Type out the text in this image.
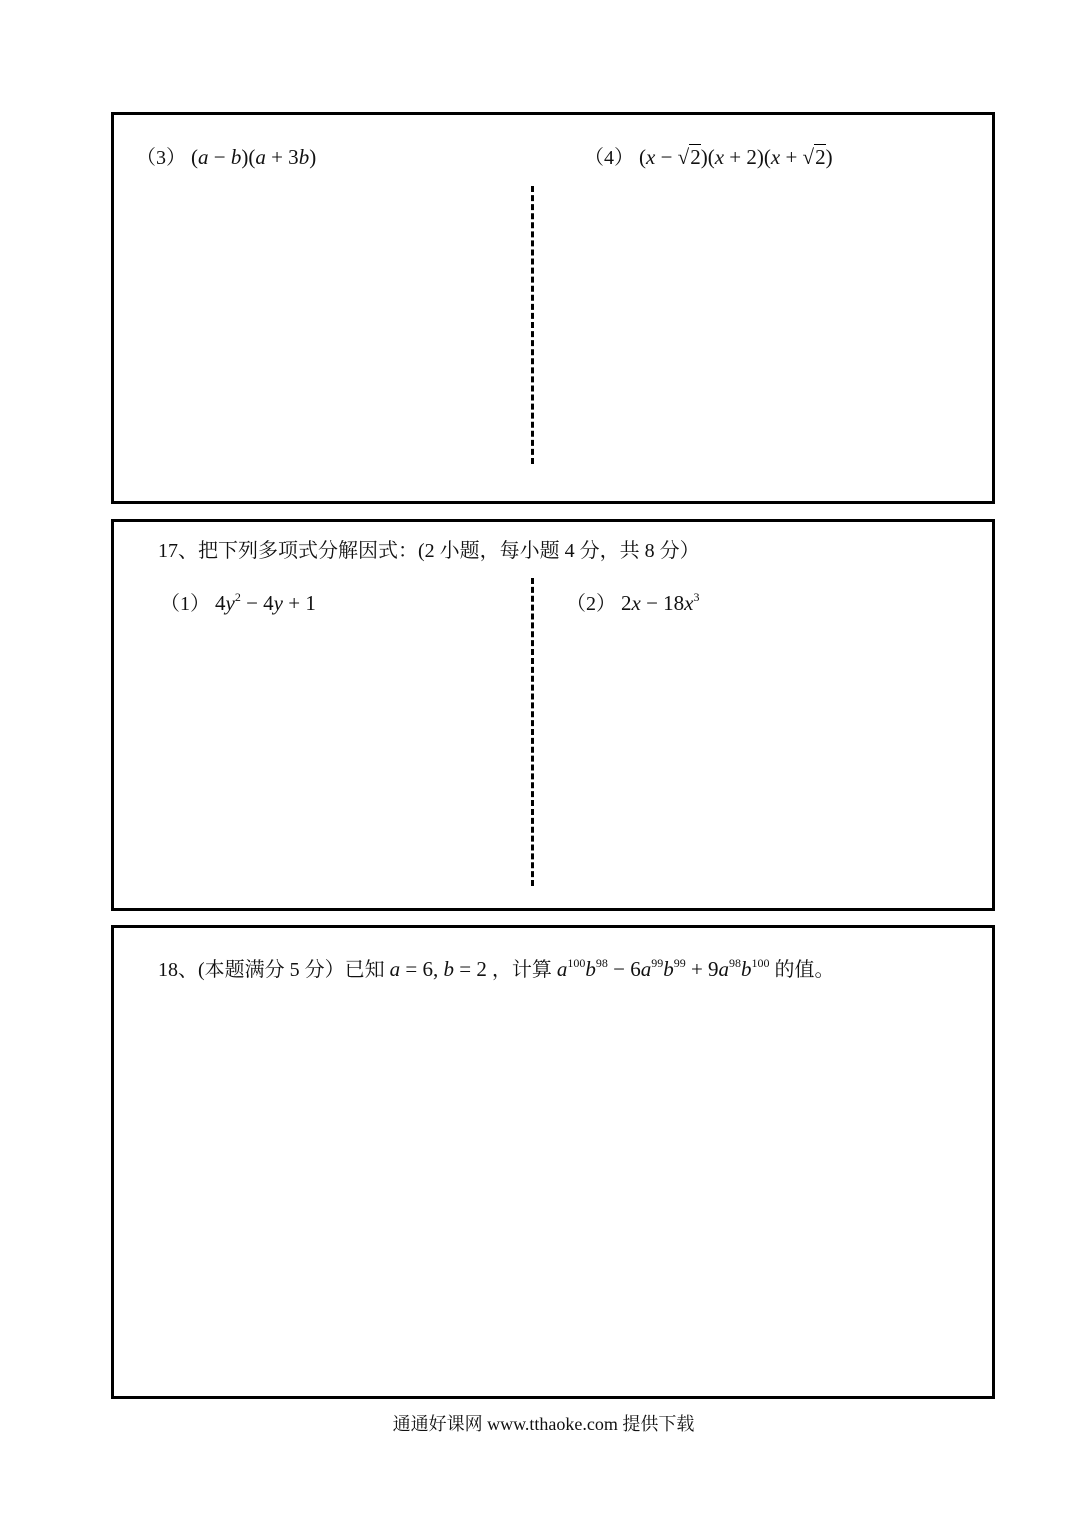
（3） (a − b)(a + 3b)	（4） (x − √2)(x + 2)(x + √2)
17、把下列多项式分解因式：(2 小题，每小题 4 分，共 8 分）
（1） $4y^2 - 4y + 1$	（2） $2x - 18x^3$
18、(本题满分 5 分）已知 a = 6, b = 2 ，计算 $a^{100}b^{98} - 6a^{99}b^{99} + 9a^{98}b^{100}$ 的值。
通通好课网 www.tthaoke.com 提供下载
